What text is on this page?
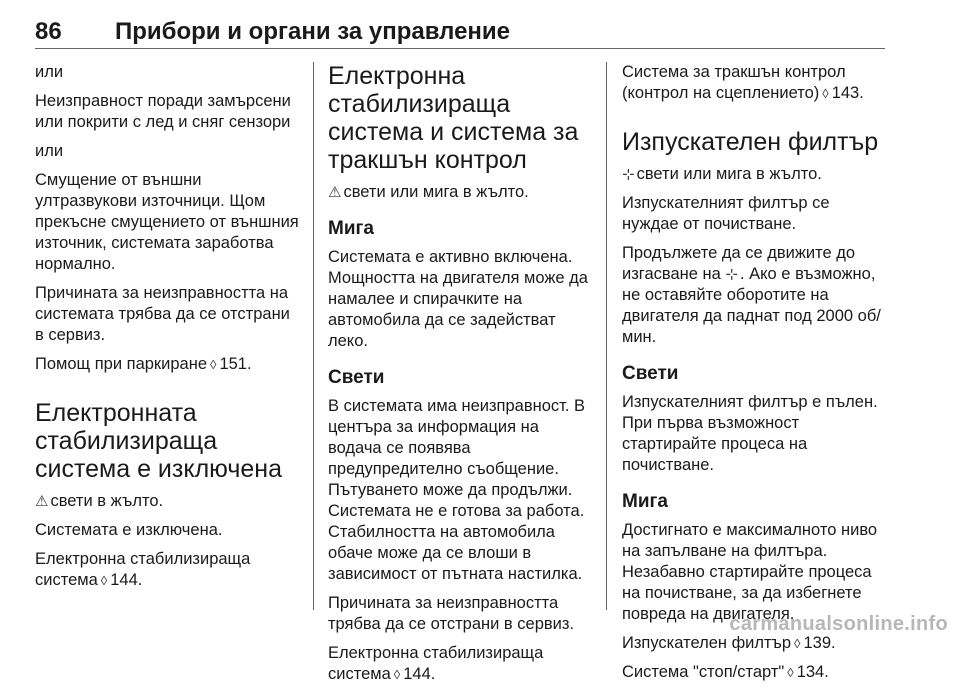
86 Прибори и органи за управление

или

Неизправност поради замърсени или покрити с лед и сняг сензори

или

Смущение от външни ултразвукови източници. Щом прекъсне смущението от външния източник, системата заработва нормално.

Причината за неизправността на системата трябва да се отстрани в сервиз.

Помощ при паркиране ◊ 151.

Електронната стабилизираща система е изключена

⚠ свети в жълто.

Системата е изключена.

Електронна стабилизираща система ◊ 144.

Електронна стабилизираща система и система за тракшън контрол

⚠ свети или мига в жълто.

Мига

Системата е активно включена. Мощността на двигателя може да намалее и спирачките на автомобила да се задействат леко.

Свети

В системата има неизправност. В центъра за информация на водача се появява предупредително съобщение. Пътуването може да продължи. Системата не е готова за работа. Стабилността на автомобила обаче може да се влоши в зависимост от пътната настилка.

Причината за неизправността трябва да се отстрани в сервиз.

Електронна стабилизираща система ◊ 144.

Система за тракшън контрол (контрол на сцеплението) ◊ 143.

Изпускателен филтър

⊹ свети или мига в жълто.

Изпускателният филтър се нуждае от почистване.

Продължете да се движите до изгасване на ⊹ . Ако е възможно, не оставяйте оборотите на двигателя да паднат под 2000 об/мин.

Свети

Изпускателният филтър е пълен. При първа възможност стартирайте процеса на почистване.

Мига

Достигнато е максималното ниво на запълване на филтъра. Незабавно стартирайте процеса на почистване, за да избегнете повреда на двигателя.

Изпускателен филтър ◊ 139.

Система "стоп/старт" ◊ 134.

carmanualsonline.info
